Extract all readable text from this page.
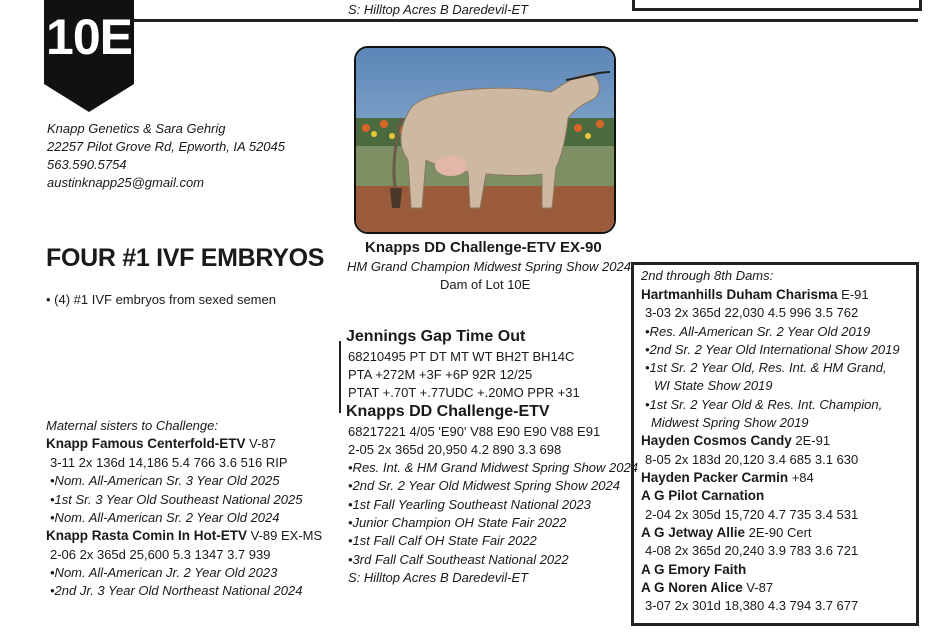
S: Hilltop Acres B Daredevil-ET
10E
Knapp Genetics & Sara Gehrig
22257 Pilot Grove Rd, Epworth, IA 52045
563.590.5754
austinknapp25@gmail.com
FOUR #1 IVF EMBRYOS
• (4) #1 IVF embryos from sexed semen
Knapps DD Challenge-ETV EX-90
HM Grand Champion Midwest Spring Show 2024
Dam of Lot 10E
Jennings Gap Time Out
68210495 PT DT MT WT BH2T BH14C
PTA +272M +3F +6P 92R 12/25
PTAT +.70T +.77UDC +.20MO PPR +31
Knapps DD Challenge-ETV
68217221 4/05 'E90' V88 E90 E90 V88 E91
2-05 2x 365d 20,950 4.2 890 3.3 698
•Res. Int. & HM Grand Midwest Spring Show 2024
•2nd Sr. 2 Year Old Midwest Spring Show 2024
•1st Fall Yearling Southeast National 2023
•Junior Champion OH State Fair 2022
•1st Fall Calf OH State Fair 2022
•3rd Fall Calf Southeast National 2022
S: Hilltop Acres B Daredevil-ET
Maternal sisters to Challenge:
Knapp Famous Centerfold-ETV V-87
3-11 2x 136d 14,186 5.4 766 3.6 516 RIP
•Nom. All-American Sr. 3 Year Old 2025
•1st Sr. 3 Year Old Southeast National 2025
•Nom. All-American Sr. 2 Year Old 2024
Knapp Rasta Comin In Hot-ETV V-89 EX-MS
2-06 2x 365d 25,600 5.3 1347 3.7 939
•Nom. All-American Jr. 2 Year Old 2023
•2nd Jr. 3 Year Old Northeast National 2024
2nd through 8th Dams:
Hartmanhills Duham Charisma E-91
3-03 2x 365d 22,030 4.5 996 3.5 762
•Res. All-American Sr. 2 Year Old 2019
•2nd Sr. 2 Year Old International Show 2019
•1st Sr. 2 Year Old, Res. Int. & HM Grand,
WI State Show 2019
•1st Sr. 2 Year Old & Res. Int. Champion,
Midwest Spring Show 2019
Hayden Cosmos Candy 2E-91
8-05 2x 183d 20,120 3.4 685 3.1 630
Hayden Packer Carmin +84
A G Pilot Carnation
2-04 2x 305d 15,720 4.7 735 3.4 531
A G Jetway Allie 2E-90 Cert
4-08 2x 365d 20,240 3.9 783 3.6 721
A G Emory Faith
A G Noren Alice V-87
3-07 2x 301d 18,380 4.3 794 3.7 677
